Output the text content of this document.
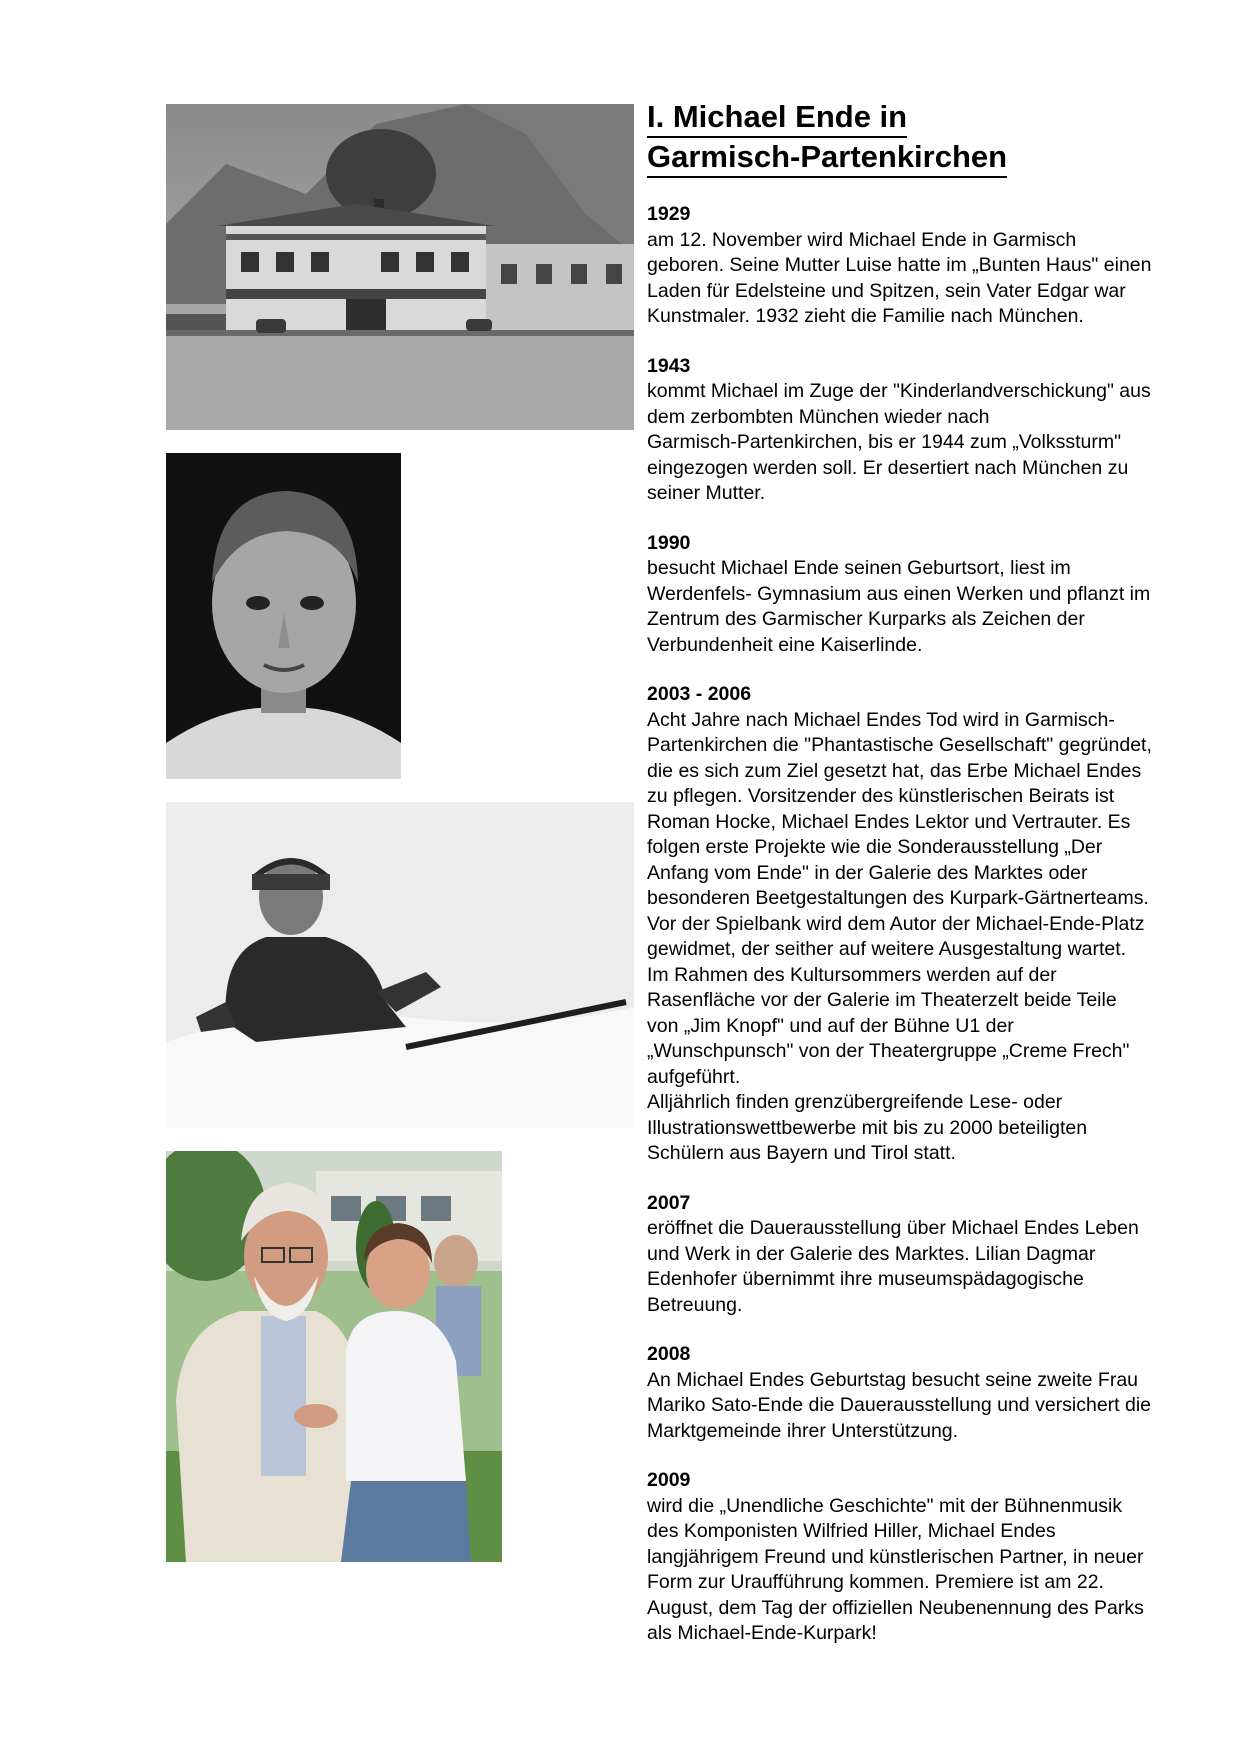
I. Michael Ende in
Garmisch-Partenkirchen
1929
am 12. November wird Michael Ende in Garmisch
geboren. Seine Mutter Luise hatte im „Bunten Haus" einen
Laden für Edelsteine und Spitzen, sein Vater Edgar war
Kunstmaler. 1932 zieht die Familie nach München.
1943
kommt Michael im Zuge der "Kinderlandverschickung" aus
dem zerbombten München wieder nach
Garmisch-Partenkirchen, bis er 1944 zum „Volkssturm"
eingezogen werden soll. Er desertiert nach München zu
seiner Mutter.
1990
besucht Michael Ende seinen Geburtsort, liest im
Werdenfels- Gymnasium aus einen Werken und pflanzt im
Zentrum des Garmischer Kurparks als Zeichen der
Verbundenheit eine Kaiserlinde.
2003 - 2006
Acht Jahre nach Michael Endes Tod wird in Garmisch-
Partenkirchen die "Phantastische Gesellschaft" gegründet,
die es sich zum Ziel gesetzt hat, das Erbe Michael Endes
zu pflegen. Vorsitzender des künstlerischen Beirats ist
Roman Hocke, Michael Endes Lektor und Vertrauter. Es
folgen erste Projekte wie die Sonderausstellung „Der
Anfang vom Ende" in der Galerie des Marktes oder
besonderen Beetgestaltungen des Kurpark-Gärtnerteams.
Vor der Spielbank wird dem Autor der Michael-Ende-Platz
gewidmet, der seither auf weitere Ausgestaltung wartet.
Im Rahmen des Kultursommers werden auf der
Rasenfläche vor der Galerie im Theaterzelt beide Teile
von „Jim Knopf" und auf der Bühne U1 der
„Wunschpunsch" von der Theatergruppe „Creme Frech"
aufgeführt.
Alljährlich finden grenzübergreifende Lese- oder
Illustrationswettbewerbe mit bis zu 2000 beteiligten
Schülern aus Bayern und Tirol statt.
2007
eröffnet die Dauerausstellung über Michael Endes Leben
und Werk in der Galerie des Marktes. Lilian Dagmar
Edenhofer übernimmt ihre museumspädagogische
Betreuung.
2008
An Michael Endes Geburtstag besucht seine zweite Frau
Mariko Sato-Ende die Dauerausstellung und versichert die
Marktgemeinde ihrer Unterstützung.
2009
wird die „Unendliche Geschichte" mit der Bühnenmusik
des Komponisten Wilfried Hiller, Michael Endes
langjährigem Freund und künstlerischen Partner, in neuer
Form zur Uraufführung kommen. Premiere ist am 22.
August, dem Tag der offiziellen Neubenennung des Parks
als Michael-Ende-Kurpark!
